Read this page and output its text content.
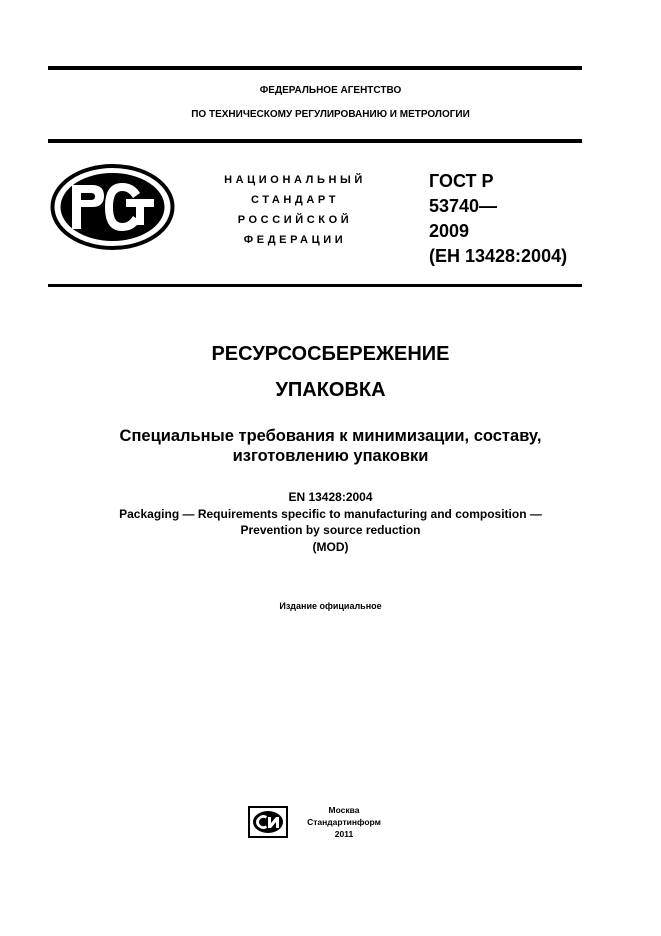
ФЕДЕРАЛЬНОЕ АГЕНТСТВО
ПО ТЕХНИЧЕСКОМУ РЕГУЛИРОВАНИЮ И МЕТРОЛОГИИ
НАЦИОНАЛЬНЫЙ
СТАНДАРТ
РОССИЙСКОЙ
ФЕДЕРАЦИИ
ГОСТ Р
53740—
2009
(ЕН 13428:2004)
РЕСУРСОСБЕРЕЖЕНИЕ
УПАКОВКА
Специальные требования к минимизации, составу,
изготовлению упаковки
EN 13428:2004
Packaging — Requirements specific to manufacturing and composition —
Prevention by source reduction
(MOD)
Издание официальное
Москва
Стандартинформ
2011
